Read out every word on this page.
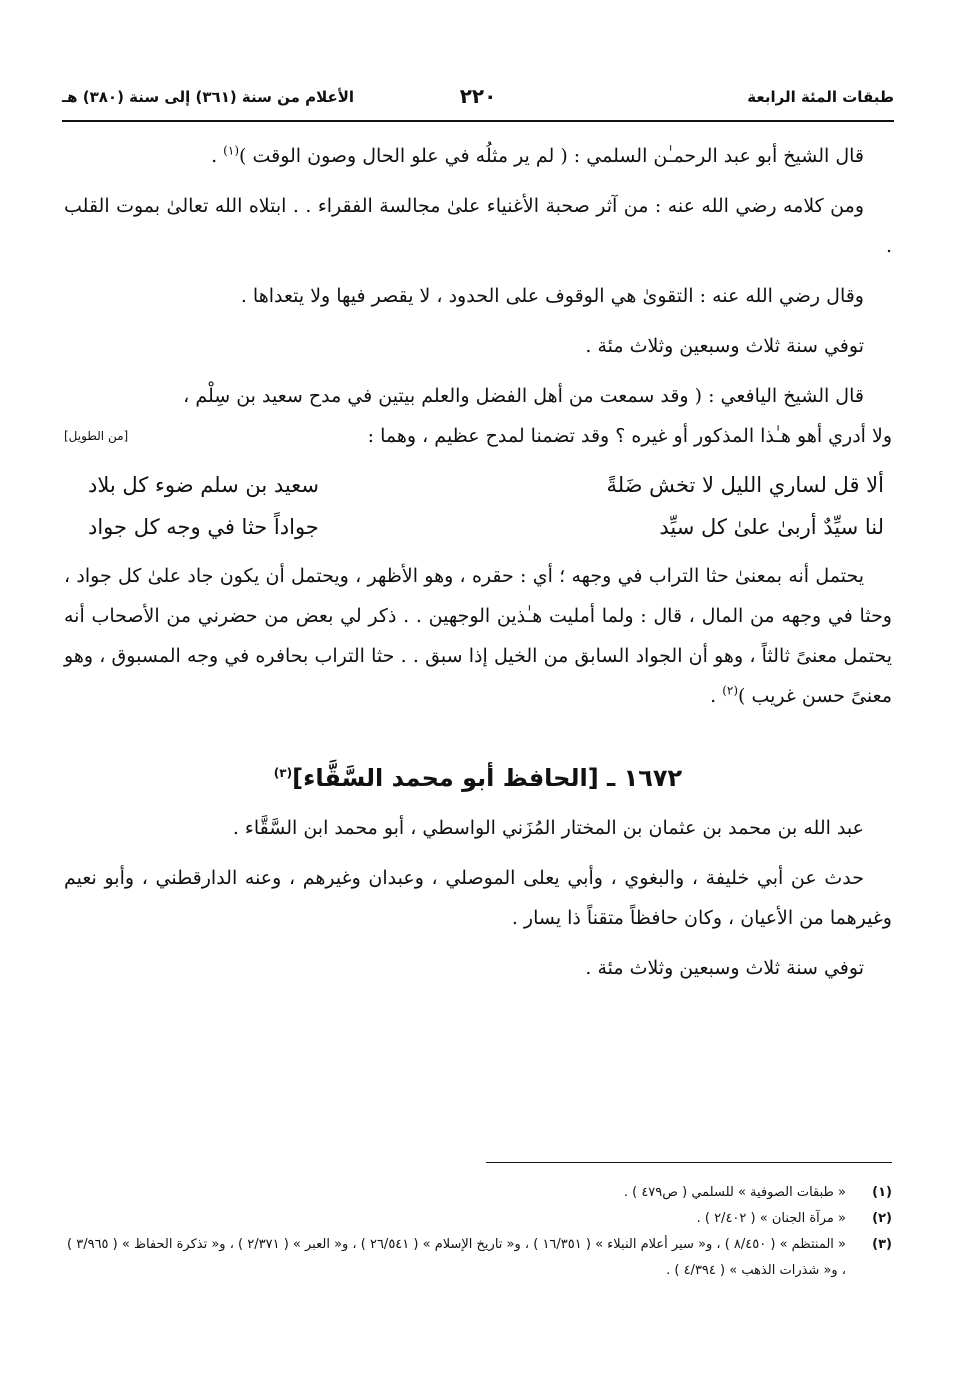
طبقات المئة الرابعة
٢٢٠
الأعلام من سنة (٣٦١) إلى سنة (٣٨٠) هـ

قال الشيخ أبو عبد الرحمـٰن السلمي : ( لم ير مثلُه في علو الحال وصون الوقت )$^{(١)}$ .

ومن كلامه رضي الله عنه : من آثر صحبة الأغنياء علىٰ مجالسة الفقراء . . ابتلاه الله تعالىٰ بموت القلب .

وقال رضي الله عنه : التقوىٰ هي الوقوف على الحدود ، لا يقصر فيها ولا يتعداها .

توفي سنة ثلاث وسبعين وثلاث مئة .

قال الشيخ اليافعي : ( وقد سمعت من أهل الفضل والعلم بيتين في مدح سعيد بن سِلْم ،

ولا أدري أهو هـٰذا المذكور أو غيره ؟ وقد تضمنا لمدح عظيم ، وهما :
[من الطويل]
ألا قل لساري الليل لا تخش ضَلةً
سعيد بن سلم ضوء كل بلاد
لنا سيِّدٌ أربىٰ علىٰ كل سيِّد
جواداً حثا في وجه كل جواد

يحتمل أنه بمعنىٰ حثا التراب في وجهه ؛ أي : حقره ، وهو الأظهر ، ويحتمل أن يكون جاد علىٰ كل جواد ، وحثا في وجهه من المال ، قال : ولما أمليت هـٰذين الوجهين . . ذكر لي بعض من حضرني من الأصحاب أنه يحتمل معنىً ثالثاً ، وهو أن الجواد السابق من الخيل إذا سبق . . حثا التراب بحافره في وجه المسبوق ، وهو معنىً حسن غريب )$^{(٢)}$ .

١٦٧٢ ـ [الحافظ أبو محمد السَّقَّاء]$^{(٣)}$

عبد الله بن محمد بن عثمان بن المختار المُزَني الواسطي ، أبو محمد ابن السَّقَّاء .

حدث عن أبي خليفة ، والبغوي ، وأبي يعلى الموصلي ، وعبدان وغيرهم ، وعنه الدارقطني ، وأبو نعيم وغيرهما من الأعيان ، وكان حافظاً متقناً ذا يسار .

توفي سنة ثلاث وسبعين وثلاث مئة .

(١)
« طبقات الصوفية » للسلمي ( ص٤٧٩ ) .
(٢)
« مرآة الجنان » ( ٢/٤٠٢ ) .
(٣)
« المنتظم » ( ٨/٤٥٠ ) ، و« سير أعلام النبلاء » ( ١٦/٣٥١ ) ، و« تاريخ الإسلام » ( ٢٦/٥٤١ ) ، و« العبر » ( ٢/٣٧١ ) ، و« تذكرة الحفاظ » ( ٣/٩٦٥ ) ، و« شذرات الذهب » ( ٤/٣٩٤ ) .
